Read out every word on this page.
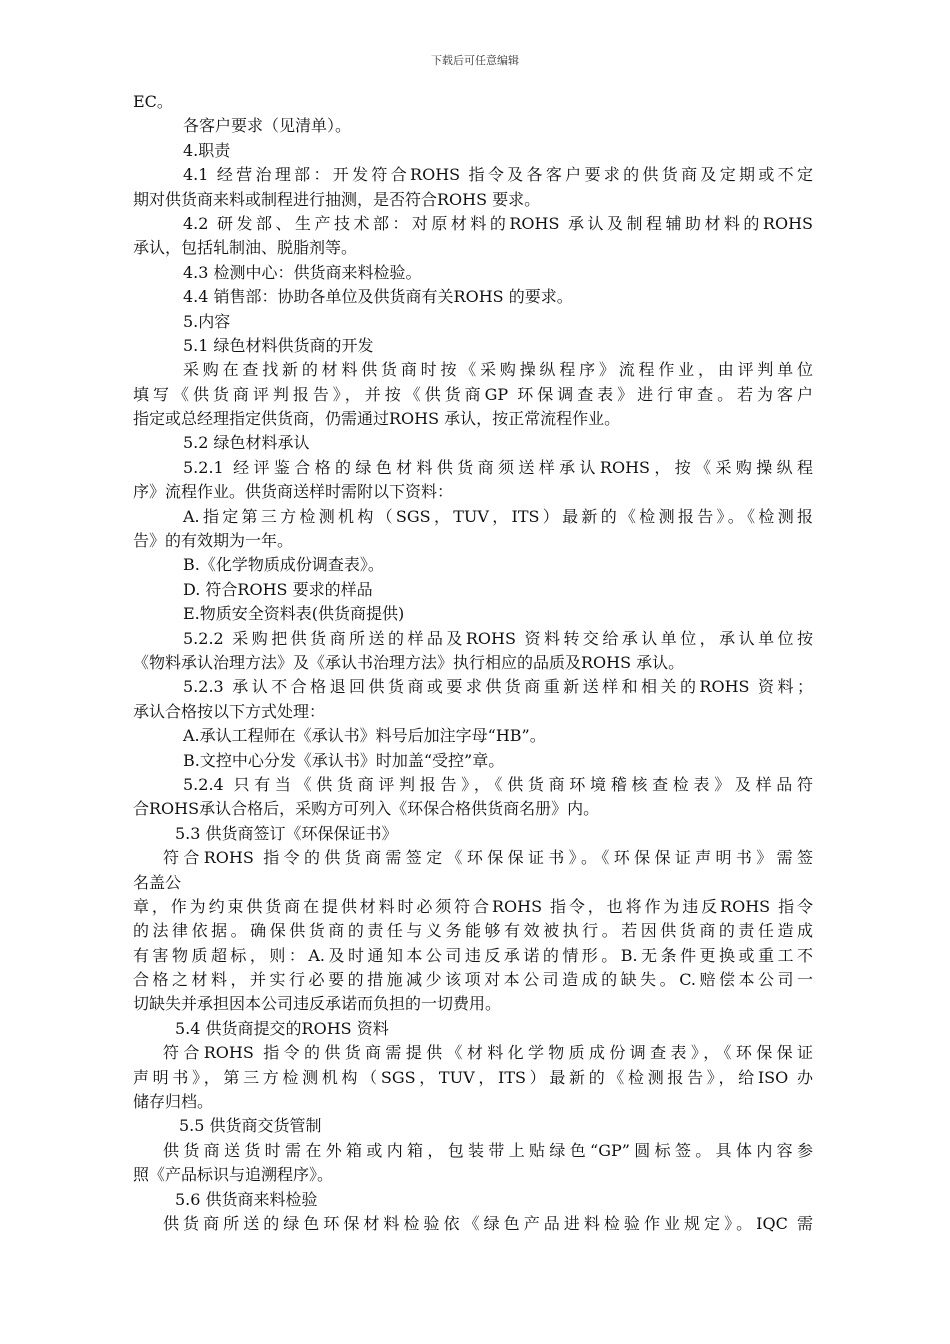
下载后可任意编辑
EC。
各客户要求（见清单）。
4.职责
4.1 经营治理部：开发符合ROHS 指令及各客户要求的供货商及定期或不定
期对供货商来料或制程进行抽测，是否符合ROHS 要求。
4.2 研发部、生产技术部：对原材料的ROHS 承认及制程辅助材料的ROHS
承认，包括轧制油、脱脂剂等。
4.3 检测中心：供货商来料检验。
4.4 销售部：协助各单位及供货商有关ROHS 的要求。
5.内容
5.1 绿色材料供货商的开发
采购在查找新的材料供货商时按《采购操纵程序》流程作业，由评判单位
填写《供货商评判报告》，并按《供货商GP 环保调查表》进行审查。若为客户
指定或总经理指定供货商，仍需通过ROHS 承认，按正常流程作业。
5.2 绿色材料承认
5.2.1 经评鉴合格的绿色材料供货商须送样承认ROHS，按《采购操纵程
序》流程作业。供货商送样时需附以下资料：
A.指定第三方检测机构（SGS，TUV，ITS）最新的《检测报告》。《检测报
告》的有效期为一年。
B.《化学物质成份调查表》。
D. 符合ROHS 要求的样品
E.物质安全资料表(供货商提供)
5.2.2 采购把供货商所送的样品及ROHS 资料转交给承认单位，承认单位按
《物料承认治理方法》及《承认书治理方法》执行相应的品质及ROHS 承认。
5.2.3 承认不合格退回供货商或要求供货商重新送样和相关的ROHS 资料；
承认合格按以下方式处理：
A.承认工程师在《承认书》料号后加注字母“HB”。
B.文控中心分发《承认书》时加盖“受控”章。
5.2.4 只有当《供货商评判报告》，《供货商环境稽核查检表》及样品符
合ROHS承认合格后，采购方可列入《环保合格供货商名册》内。
5.3 供货商签订《环保保证书》
符合ROHS 指令的供货商需签定《环保保证书》。《环保保证声明书》需签
名盖公
章，作为约束供货商在提供材料时必须符合ROHS 指令，也将作为违反ROHS 指令
的法律依据。确保供货商的责任与义务能够有效被执行。若因供货商的责任造成
有害物质超标，则：A.及时通知本公司违反承诺的情形。B.无条件更换或重工不
合格之材料，并实行必要的措施减少该项对本公司造成的缺失。C.赔偿本公司一
切缺失并承担因本公司违反承诺而负担的一切费用。
5.4 供货商提交的ROHS 资料
符合ROHS 指令的供货商需提供《材料化学物质成份调查表》，《环保保证
声明书》，第三方检测机构（SGS，TUV，ITS）最新的《检测报告》，给ISO 办
储存归档。
5.5 供货商交货管制
供货商送货时需在外箱或内箱，包装带上贴绿色“GP”圆标签。具体内容参
照《产品标识与追溯程序》。
5.6 供货商来料检验
供货商所送的绿色环保材料检验依《绿色产品进料检验作业规定》。IQC 需
